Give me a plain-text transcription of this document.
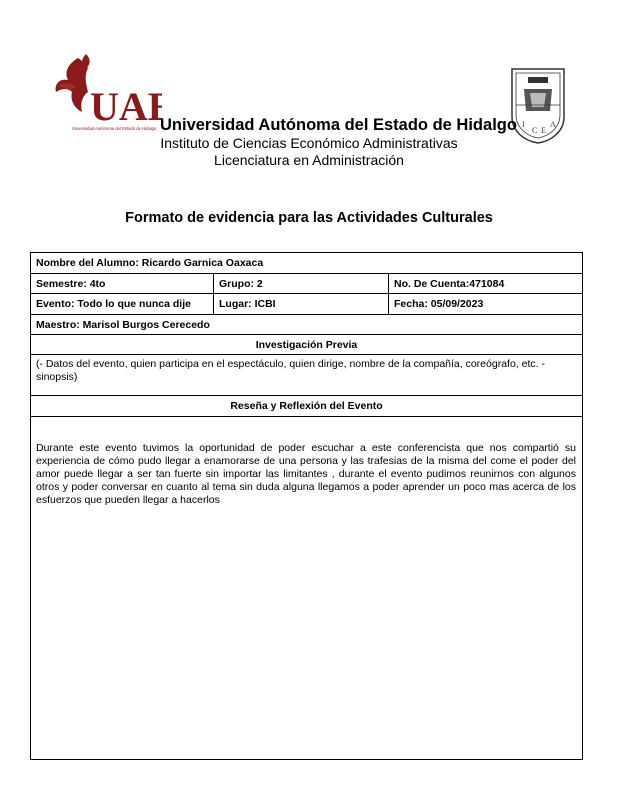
UAE
Universidad Autónoma del Estado de Hidalgo	I
C E
A
Universidad Autónoma del Estado de Hidalgo
Instituto de Ciencias Económico Administrativas
Licenciatura en Administración
Formato de evidencia para las Actividades Culturales
Nombre del Alumno: Ricardo Garnica Oaxaca
Semestre: 4to	Grupo: 2	No. De Cuenta:471084
Evento: Todo lo que nunca dije	Lugar: ICBI	Fecha: 05/09/2023
Maestro: Marisol Burgos Cerecedo
Investigación Previa
(- Datos del evento, quien participa en el espectáculo, quien dirige, nombre de la compañía, coreógrafo, etc. - sinopsis)
Reseña y Reflexión del Evento
Durante este evento tuvimos la oportunidad de poder escuchar a este conferencista que nos compartió su experiencia de cómo pudo llegar a enamorarse de una persona y las trafesias de la misma del come el poder del amor puede llegar a ser tan fuerte sin importar las limitantes , durante el evento pudimos reunirnos con algunos otros y poder conversar en cuanto al tema sin duda alguna llegamos a poder aprender un poco mas acerca de los esfuerzos que pueden llegar a hacerlos
